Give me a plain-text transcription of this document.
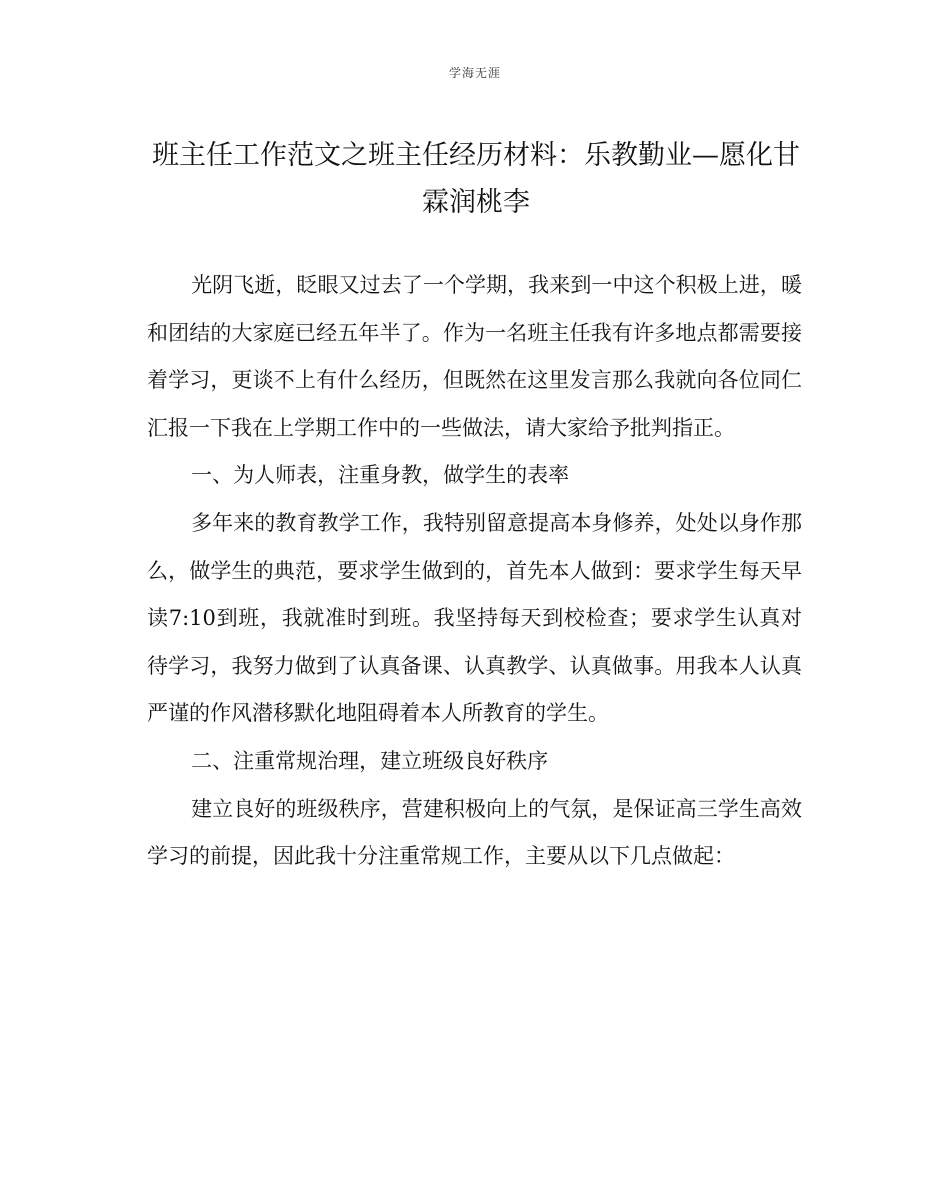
学海无涯
班主任工作范文之班主任经历材料：乐教勤业—愿化甘霖润桃李

光阴飞逝，眨眼又过去了一个学期，我来到一中这个积极上进，暖和团结的大家庭已经五年半了。作为一名班主任我有许多地点都需要接着学习，更谈不上有什么经历，但既然在这里发言那么我就向各位同仁汇报一下我在上学期工作中的一些做法，请大家给予批判指正。

一、为人师表，注重身教，做学生的表率

多年来的教育教学工作，我特别留意提高本身修养，处处以身作那么，做学生的典范，要求学生做到的，首先本人做到：要求学生每天早读7:10到班，我就准时到班。我坚持每天到校检查；要求学生认真对待学习，我努力做到了认真备课、认真教学、认真做事。用我本人认真严谨的作风潜移默化地阻碍着本人所教育的学生。

二、注重常规治理，建立班级良好秩序

建立良好的班级秩序，营建积极向上的气氛，是保证高三学生高效学习的前提，因此我十分注重常规工作，主要从以下几点做起：
